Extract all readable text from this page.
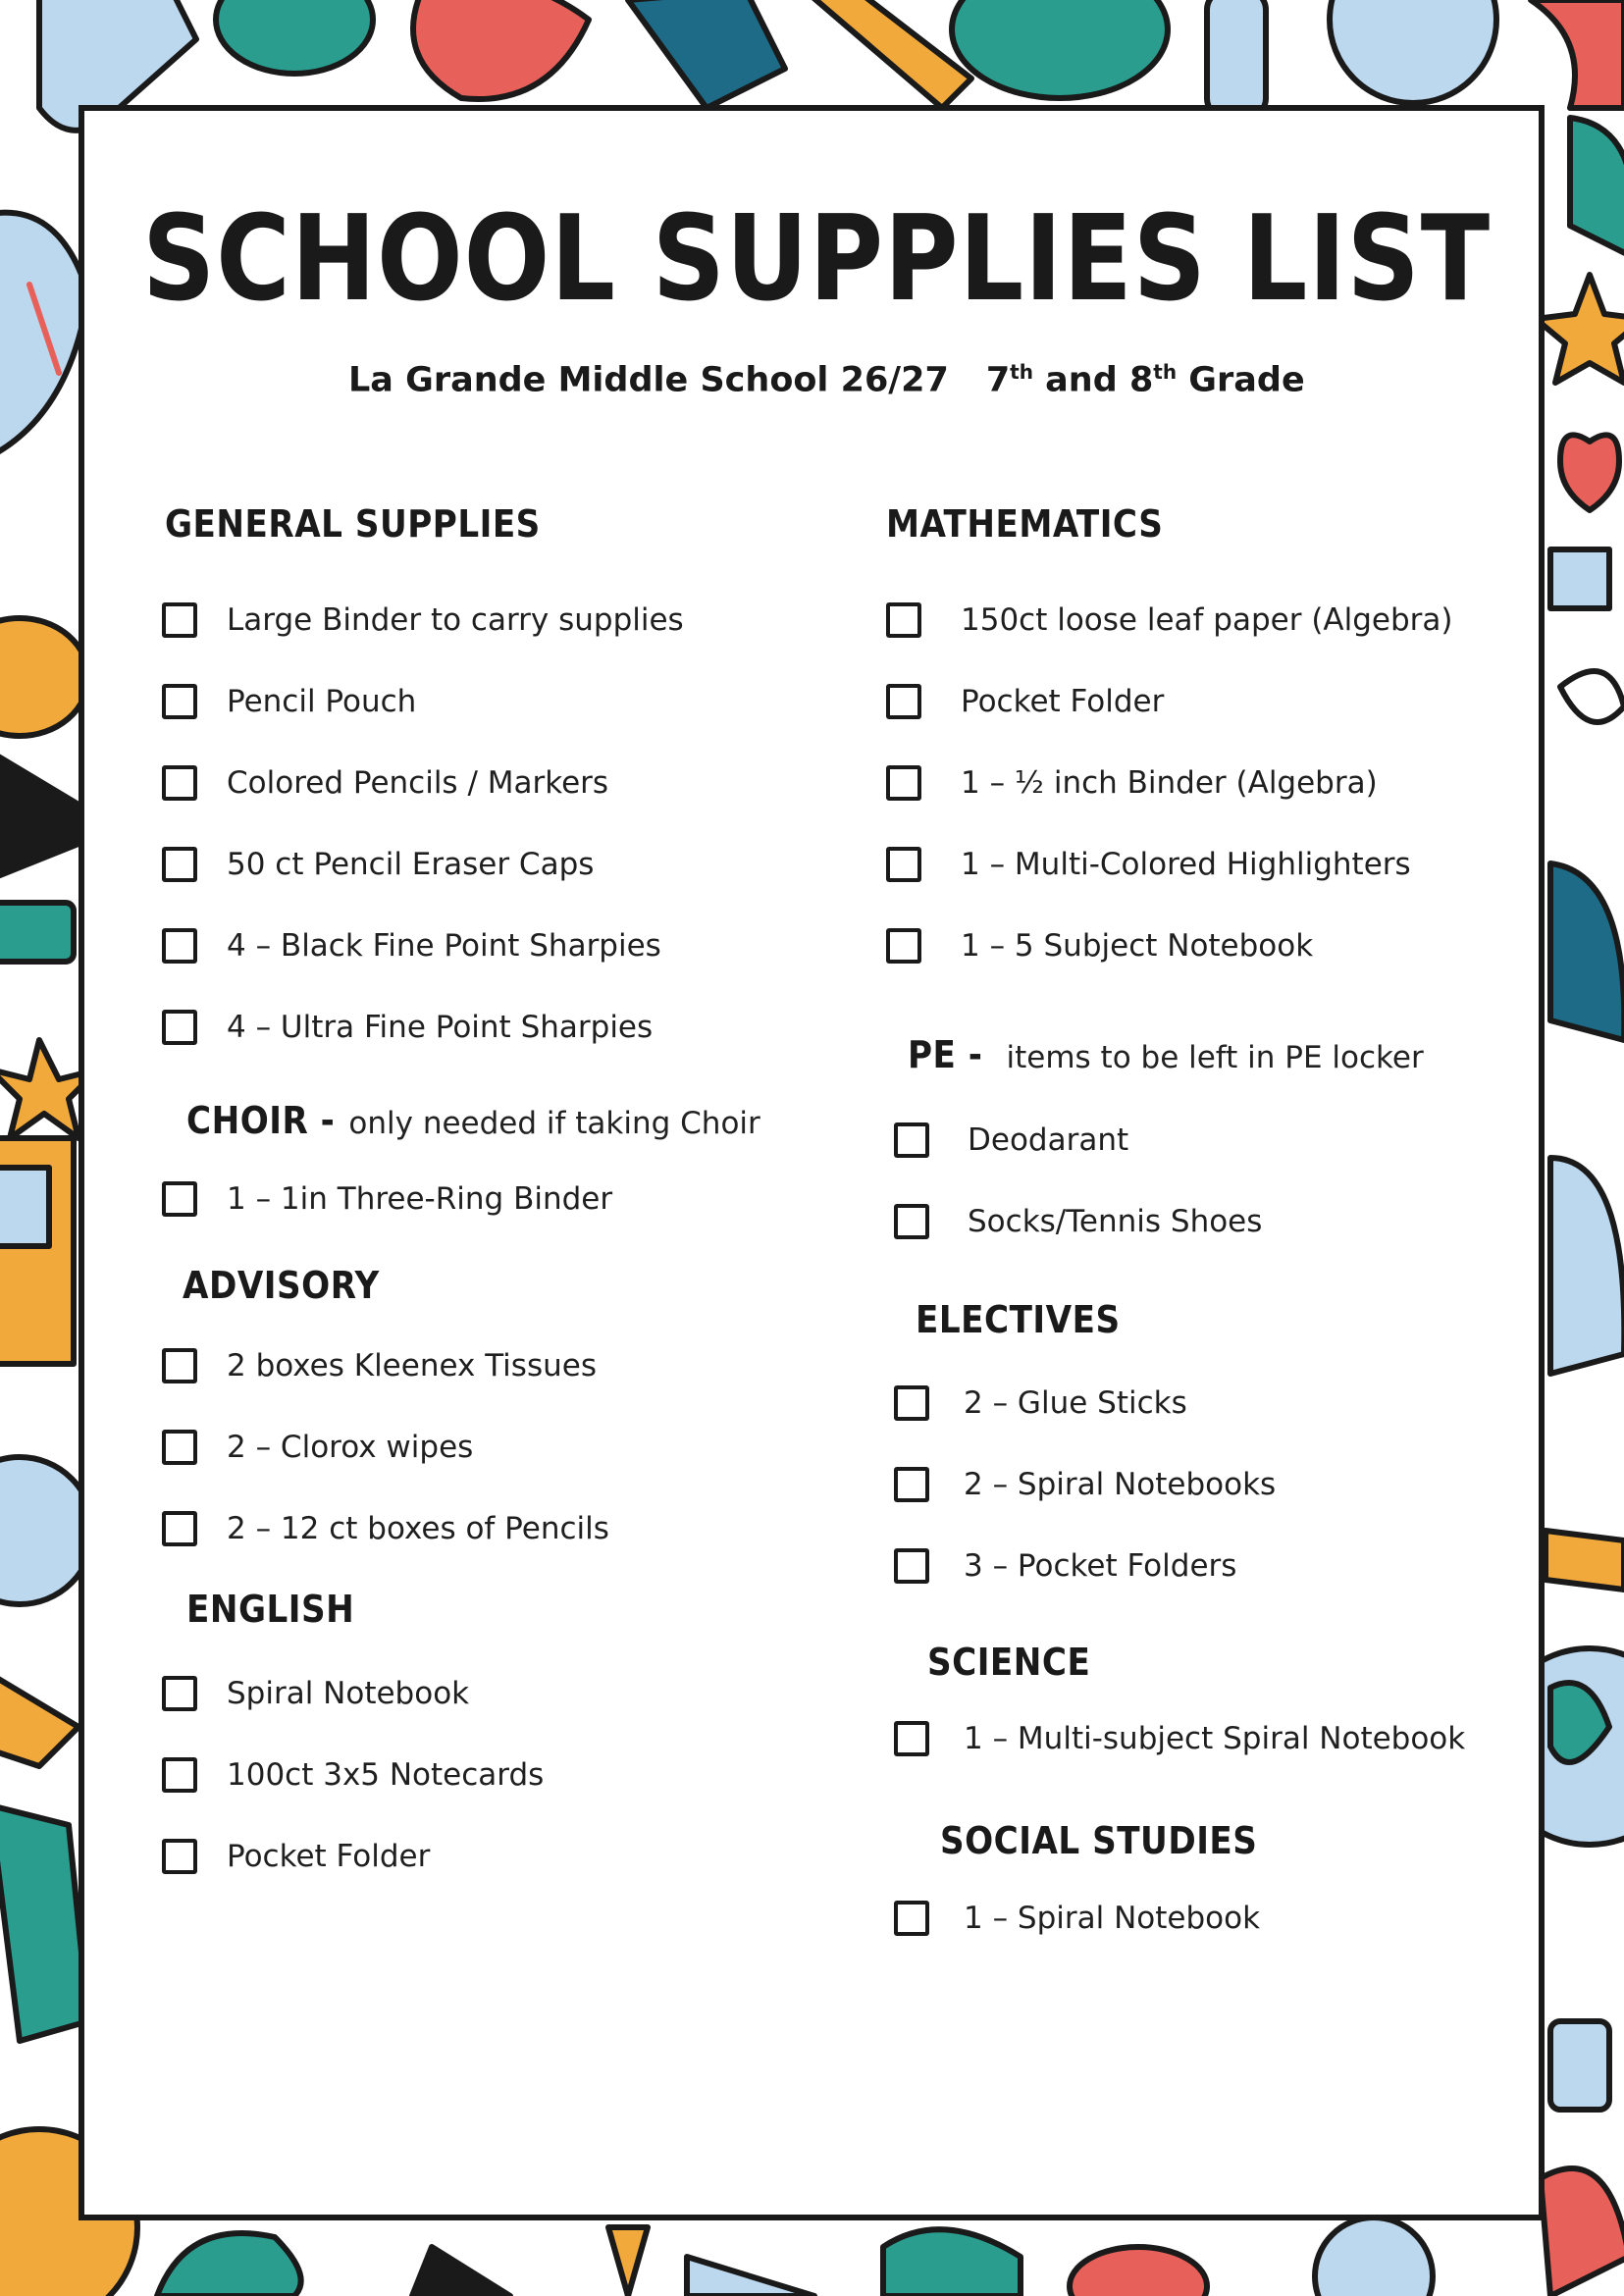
SCHOOL SUPPLIES LIST
La Grande Middle School 26/27 7th and 8th Grade
GENERAL SUPPLIES
Large Binder to carry supplies
Pencil Pouch
Colored Pencils / Markers
50 ct Pencil Eraser Caps
4 – Black Fine Point Sharpies
4 – Ultra Fine Point Sharpies
CHOIR - only needed if taking Choir
1 – 1in Three-Ring Binder
ADVISORY
2 boxes Kleenex Tissues
2 – Clorox wipes
2 – 12 ct boxes of Pencils
ENGLISH
Spiral Notebook
100ct 3x5 Notecards
Pocket Folder
MATHEMATICS
150ct loose leaf paper (Algebra)
Pocket Folder
1 – ½ inch Binder (Algebra)
1 – Multi-Colored Highlighters
1 – 5 Subject Notebook
PE - items to be left in PE locker
Deodarant
Socks/Tennis Shoes
ELECTIVES
2 – Glue Sticks
2 – Spiral Notebooks
3 – Pocket Folders
SCIENCE
1 – Multi-subject Spiral Notebook
SOCIAL STUDIES
1 – Spiral Notebook
